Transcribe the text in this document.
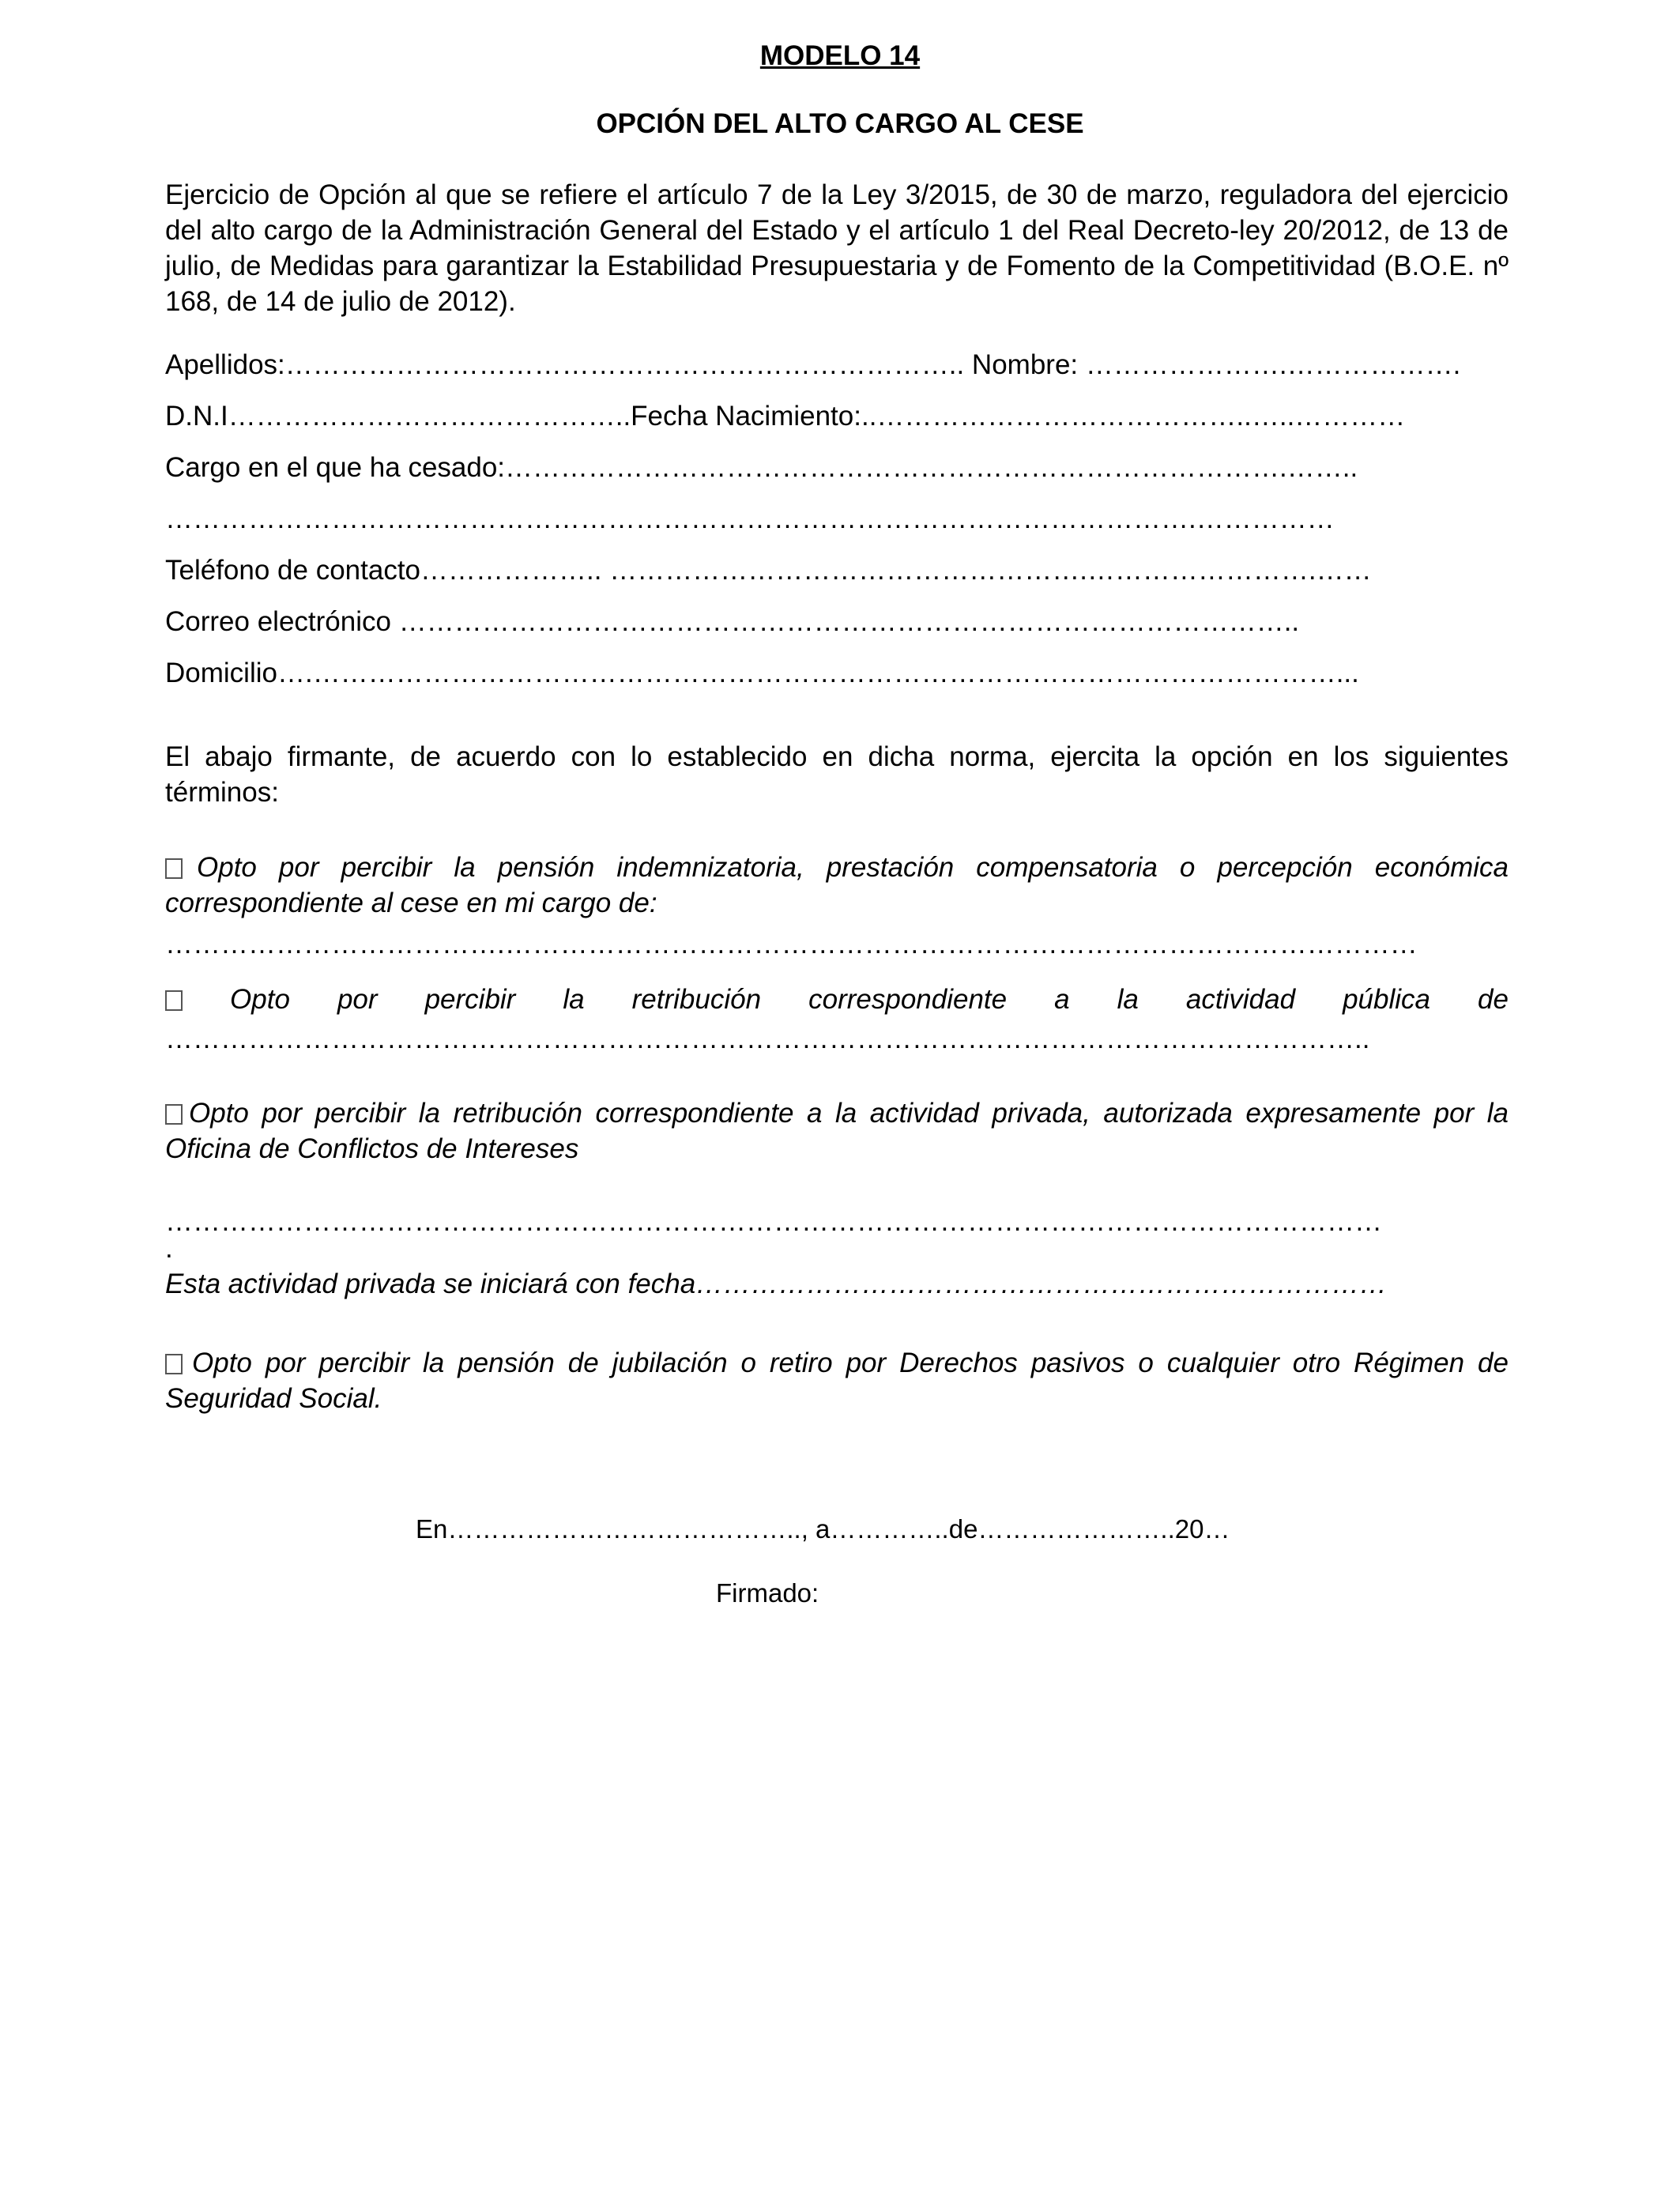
MODELO 14
OPCIÓN DEL ALTO CARGO AL CESE
Ejercicio de Opción al que se refiere el artículo 7 de la Ley 3/2015, de 30 de marzo, reguladora del ejercicio del alto cargo de la Administración General del Estado y el artículo 1 del Real Decreto-ley 20/2012, de 13 de julio, de Medidas para garantizar la Estabilidad Presupuestaria y de Fomento de la Competitividad (B.O.E. nº 168, de 14 de julio de 2012).
Apellidos:……………………………………………………………….. Nombre: ………………….……………….
D.N.I……………………………………..Fecha Nacimiento:..…………………………………..…..…………
Cargo en el que ha cesado:………………………………………………………………………….……..
………………………………………………………………………………………………….……………
Teléfono de contacto……………….. …………………………………………….…………………….……
Correo electrónico ……………………………………………………………………………………..
Domicilio….…………………………………………………………………………………………………...
El abajo firmante, de acuerdo con lo establecido en dicha norma, ejercita la opción en los siguientes términos:
Opto por percibir la pensión indemnizatoria, prestación compensatoria o percepción económica correspondiente al cese en mi cargo de:
……………………………….………………………………………………………………………………………
Opto por percibir la retribución correspondiente a la actividad pública de
…………………………………………………………………………………………………………………..
Opto por percibir la retribución correspondiente a la actividad privada, autorizada expresamente por la Oficina de Conflictos de Intereses
……………………………………………………………………………………………………………………
.
Esta actividad privada se iniciará con fecha…………………………………………………………………
Opto por percibir la pensión de jubilación o retiro por Derechos pasivos o cualquier otro Régimen de Seguridad Social.
En………………………………….., a…………..de…………………..20…
Firmado:
